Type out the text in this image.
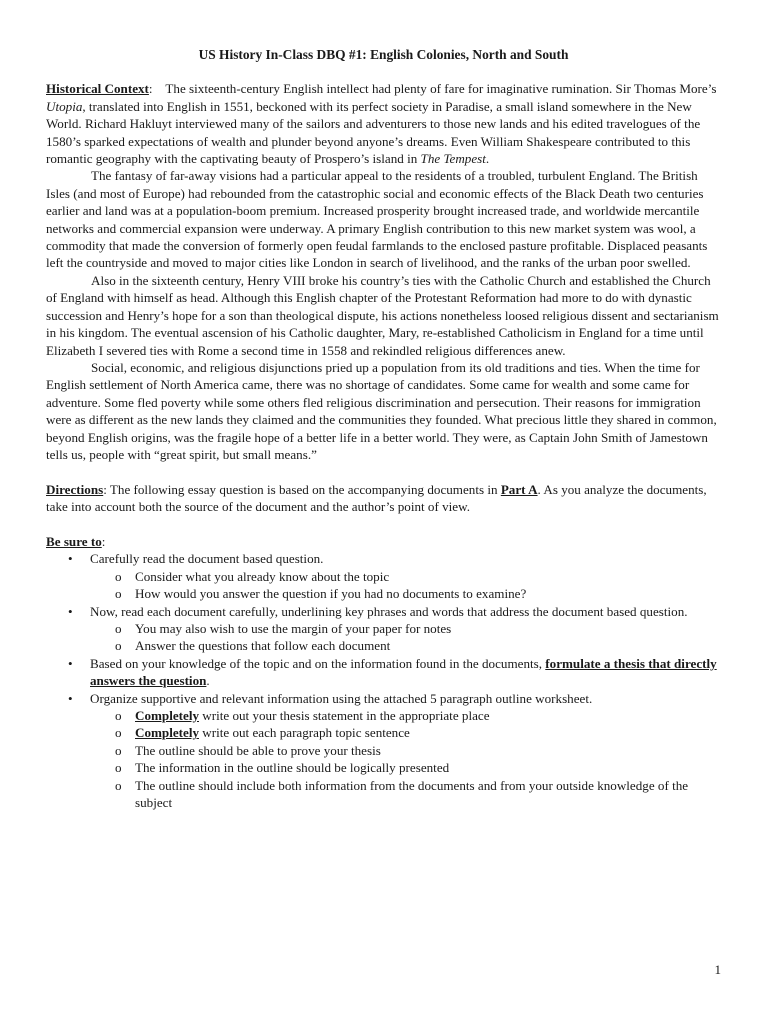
US History In-Class DBQ #1: English Colonies, North and South

Historical Context:    The sixteenth-century English intellect had plenty of fare for imaginative rumination. Sir Thomas More’s Utopia, translated into English in 1551, beckoned with its perfect society in Paradise, a small island somewhere in the New World. Richard Hakluyt interviewed many of the sailors and adventurers to those new lands and his edited travelogues of the 1580’s sparked expectations of wealth and plunder beyond anyone’s dreams. Even William Shakespeare contributed to this romantic geography with the captivating beauty of Prospero’s island in The Tempest.

The fantasy of far-away visions had a particular appeal to the residents of a troubled, turbulent England. The British Isles (and most of Europe) had rebounded from the catastrophic social and economic effects of the Black Death two centuries earlier and land was at a population-boom premium. Increased prosperity brought increased trade, and worldwide mercantile networks and commercial expansion were underway. A primary English contribution to this new market system was wool, a commodity that made the conversion of formerly open feudal farmlands to the enclosed pasture profitable. Displaced peasants left the countryside and moved to major cities like London in search of livelihood, and the ranks of the urban poor swelled.

Also in the sixteenth century, Henry VIII broke his country’s ties with the Catholic Church and established the Church of England with himself as head. Although this English chapter of the Protestant Reformation had more to do with dynastic succession and Henry’s hope for a son than theological dispute, his actions nonetheless loosed religious dissent and sectarianism in his kingdom. The eventual ascension of his Catholic daughter, Mary, re-established Catholicism in England for a time until Elizabeth I severed ties with Rome a second time in 1558 and rekindled religious differences anew.

Social, economic, and religious disjunctions pried up a population from its old traditions and ties. When the time for English settlement of North America came, there was no shortage of candidates. Some came for wealth and some came for adventure. Some fled poverty while some others fled religious discrimination and persecution. Their reasons for immigration were as different as the new lands they claimed and the communities they founded. What precious little they shared in common, beyond English origins, was the fragile hope of a better life in a better world. They were, as Captain John Smith of Jamestown tells us, people with “great spirit, but small means.”

Directions: The following essay question is based on the accompanying documents in Part A. As you analyze the documents, take into account both the source of the document and the author’s point of view.

Be sure to:

• Carefully read the document based question.
o Consider what you already know about the topic
o How would you answer the question if you had no documents to examine?
• Now, read each document carefully, underlining key phrases and words that address the document based question.
o You may also wish to use the margin of your paper for notes
o Answer the questions that follow each document
• Based on your knowledge of the topic and on the information found in the documents, formulate a thesis that directly answers the question.
• Organize supportive and relevant information using the attached 5 paragraph outline worksheet.
o Completely write out your thesis statement in the appropriate place
o Completely write out each paragraph topic sentence
o The outline should be able to prove your thesis
o The information in the outline should be logically presented
o The outline should include both information from the documents and from your outside knowledge of the subject
1
